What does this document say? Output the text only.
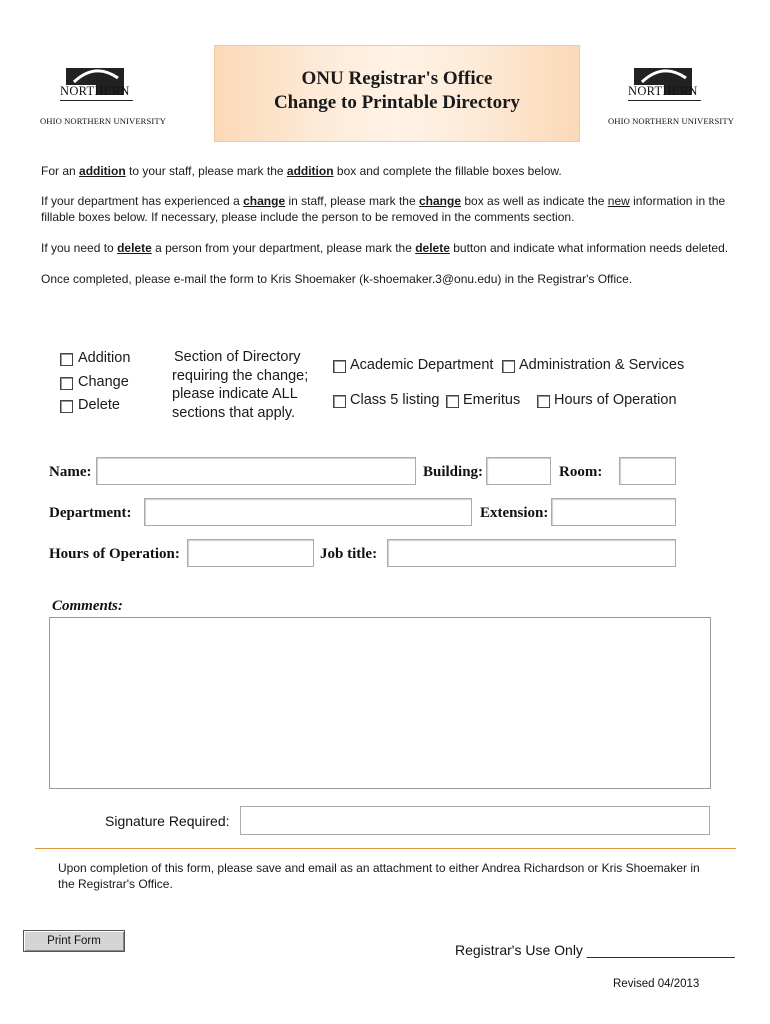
NORTHERN
OHIO NORTHERN UNIVERSITY
ONU Registrar's Office
Change to Printable Directory
NORTHERN
OHIO NORTHERN UNIVERSITY
For an addition to your staff, please mark the addition box and complete the fillable boxes below.
If your department has experienced a change in staff, please mark the change box as well as indicate the new information in the fillable boxes below. If necessary, please include the person to be removed in the comments section.
If you need to delete a person from your department, please mark the delete button and indicate what information needs deleted.
Once completed, please e-mail the form to Kris Shoemaker (k-shoemaker.3@onu.edu) in the Registrar's Office.
Addition
Change
Delete
Section of Directory
requiring the change;
please indicate ALL
sections that apply.
Academic Department Administration & Services
Class 5 listing Emeritus Hours of Operation
Name:	Building:	Room:
Department:	Extension:
Hours of Operation:	Job title:
Comments:
Signature Required:
Upon completion of this form, please save and email as an attachment to either Andrea Richardson or Kris Shoemaker in the Registrar's Office.
Print Form
Registrar's Use Only ___________________
Revised 04/2013
